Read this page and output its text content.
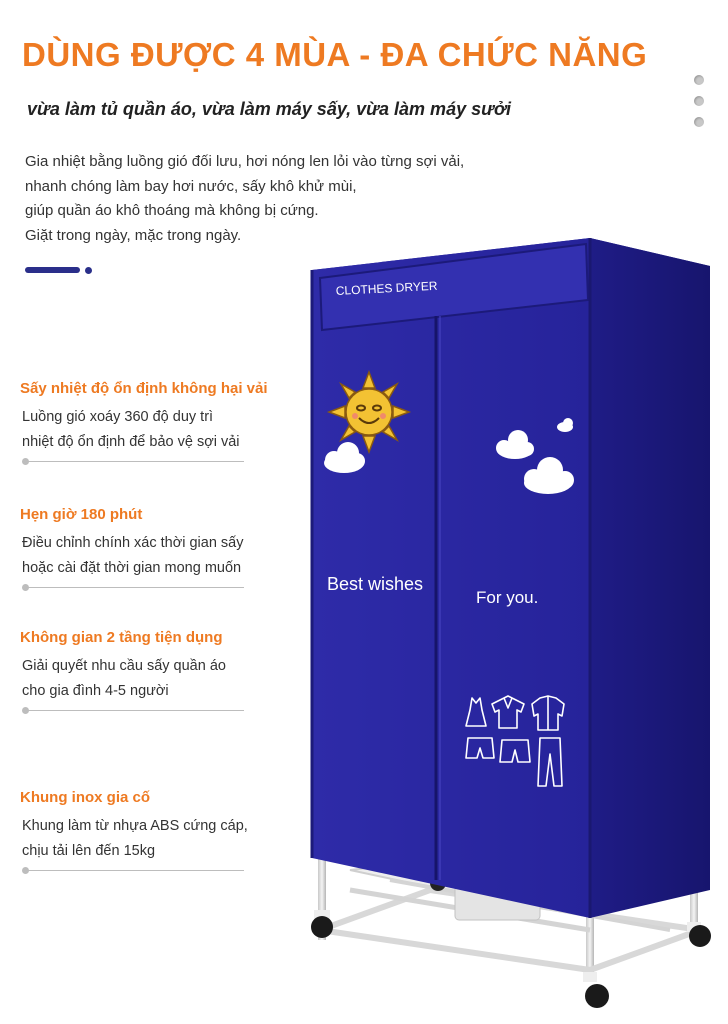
DÙNG ĐƯỢC 4 MÙA - ĐA CHỨC NĂNG

vừa làm tủ quần áo, vừa làm máy sấy, vừa làm máy sưởi

Gia nhiệt bằng luồng gió đối lưu, hơi nóng len lỏi vào từng sợi vải,

nhanh chóng làm bay hơi nước, sấy khô khử mùi,

giúp quần áo khô thoáng mà không bị cứng.

Giặt trong ngày, mặc trong ngày.

Sấy nhiệt độ ổn định không hại vải

Luồng gió xoáy 360 độ duy trì

nhiệt độ ổn định để bảo vệ sợi vải

Hẹn giờ 180 phút

Điều chỉnh chính xác thời gian sấy

hoặc cài đặt thời gian mong muốn

Không gian 2 tầng tiện dụng

Giải quyết nhu cầu sấy quần áo

cho gia đình 4-5 người

Khung inox gia cố

Khung làm từ nhựa ABS cứng cáp,

chịu tải lên đến 15kg

CLOTHES DRYER
Best wishes
For you.
